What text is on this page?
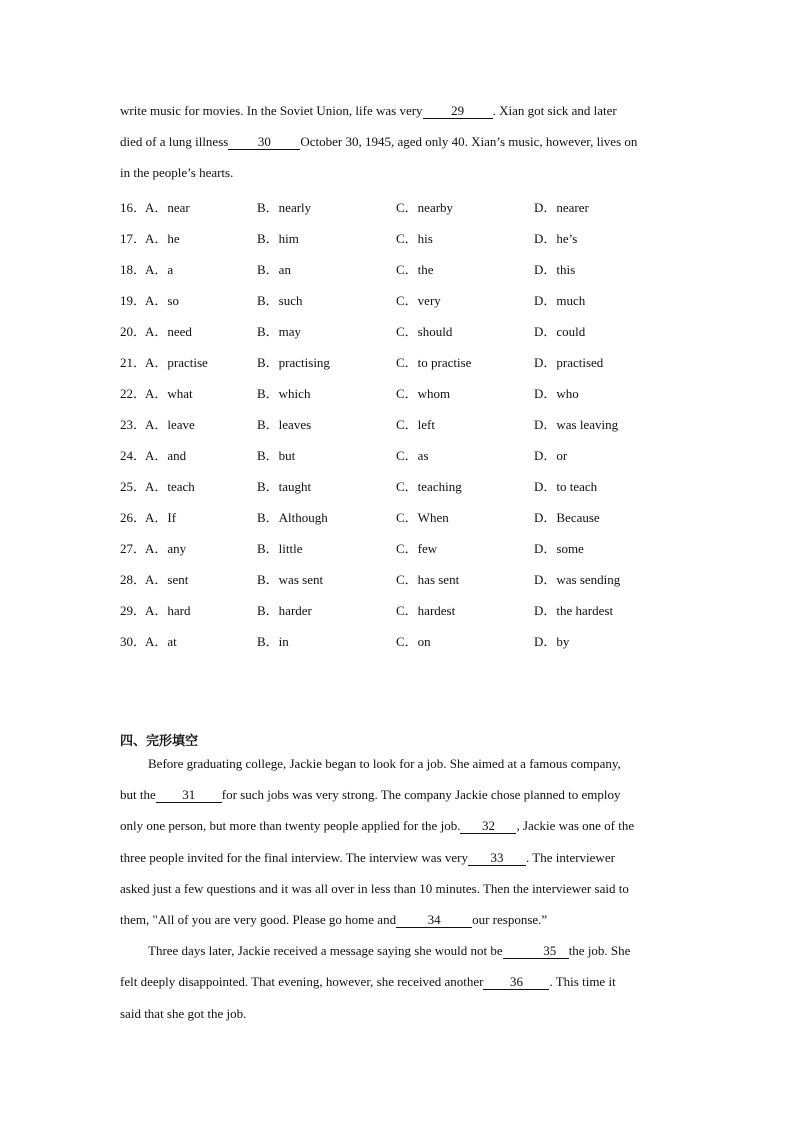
write music for movies. In the Soviet Union, life was very 29 . Xian got sick and later
died of a lung illness 30 October 30, 1945, aged only 40. Xian’s music, however, lives on
in the people’s hearts.
16．
A．near	B．nearly	C．nearby	D．nearer
17．
A．he	B．him	C．his	D．he’s
18．
A．a	B．an	C．the	D．this
19．
A．so	B．such	C．very	D．much
20．
A．need	B．may	C．should	D．could
21．
A．practise	B．practising	C．to practise	D．practised
22．
A．what	B．which	C．whom	D．who
23．
A．leave	B．leaves	C．left	D．was leaving
24．
A．and	B．but	C．as	D．or
25．
A．teach	B．taught	C．teaching	D．to teach
26．
A．If	B．Although	C．When	D．Because
27．
A．any	B．little	C．few	D．some
28．
A．sent	B．was sent	C．has sent	D．was sending
29．
A．hard	B．harder	C．hardest	D．the hardest
30．
A．at	B．in	C．on	D．by
四、完形填空
Before graduating college, Jackie began to look for a job. She aimed at a famous company,
but the 31 for such jobs was very strong. The company Jackie chose planned to employ
only one person, but more than twenty people applied for the job. 32 , Jackie was one of the
three people invited for the final interview. The interview was very 33 . The interviewer
asked just a few questions and it was all over in less than 10 minutes. Then the interviewer said to
them, "All of you are very good. Please go home and 34 our response.”
Three days later, Jackie received a message saying she would not be	35 the job. She
felt deeply disappointed. That evening, however, she received another 36 . This time it
said that she got the job.
